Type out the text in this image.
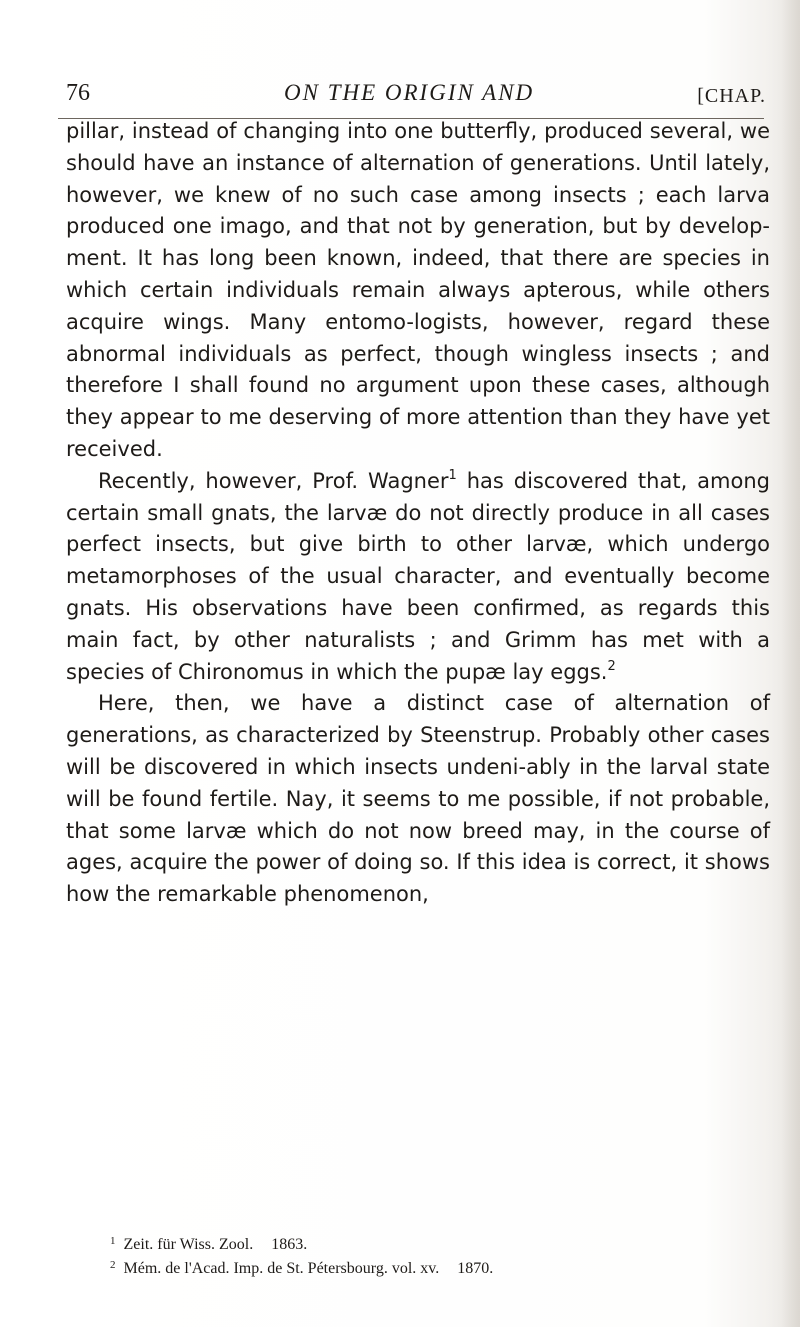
76	ON THE ORIGIN AND	[CHAP.

pillar, instead of changing into one butterfly, produced several, we should have an instance of alternation of generations. Until lately, however, we knew of no such case among insects ; each larva produced one imago, and that not by generation, but by develop-ment. It has long been known, indeed, that there are species in which certain individuals remain always apterous, while others acquire wings. Many entomo-logists, however, regard these abnormal individuals as perfect, though wingless insects ; and therefore I shall found no argument upon these cases, although they appear to me deserving of more attention than they have yet received.

Recently, however, Prof. Wagner$^1$ has discovered that, among certain small gnats, the larvæ do not directly produce in all cases perfect insects, but give birth to other larvæ, which undergo metamorphoses of the usual character, and eventually become gnats. His observations have been confirmed, as regards this main fact, by other naturalists ; and Grimm has met with a species of Chironomus in which the pupæ lay eggs.$^2$

Here, then, we have a distinct case of alternation of generations, as characterized by Steenstrup. Probably other cases will be discovered in which insects undeni-ably in the larval state will be found fertile. Nay, it seems to me possible, if not probable, that some larvæ which do not now breed may, in the course of ages, acquire the power of doing so. If this idea is correct, it shows how the remarkable phenomenon,

$^1$ Zeit. für Wiss. Zool. 1863.
$^2$ Mém. de l'Acad. Imp. de St. Pétersbourg. vol. xv. 1870.
